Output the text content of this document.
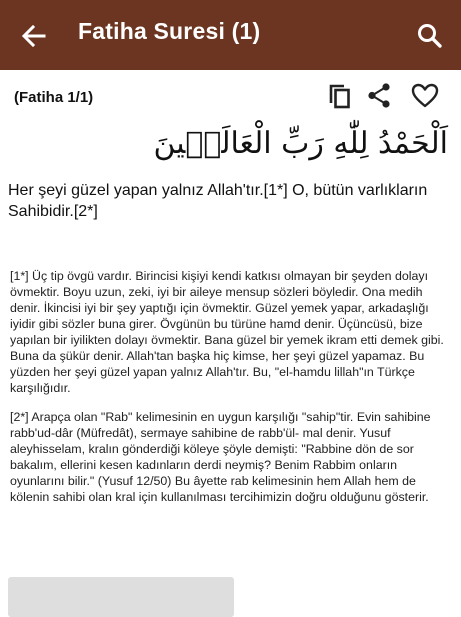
Fatiha Suresi (1)
(Fatiha 1/1)
اَلْحَمْدُ لِلّٰهِ رَبِّ الْعَالَم۪ينَ
Her şeyi güzel yapan yalnız Allah'tır.[1*] O, bütün varlıkların Sahibidir.[2*]

[1*] Üç tip övgü vardır. Birincisi kişiyi kendi katkısı olmayan bir şeyden dolayı övmektir. Boyu uzun, zeki, iyi bir aileye mensup sözleri böyledir. Ona medih denir. İkincisi iyi bir şey yaptığı için övmektir. Güzel yemek yapar, arkadaşlığı iyidir gibi sözler buna girer. Övgünün bu türüne hamd denir. Üçüncüsü, bize yapılan bir iyilikten dolayı övmektir. Bana güzel bir yemek ikram etti demek gibi. Buna da şükür denir. Allah'tan başka hiç kimse, her şeyi güzel yapamaz. Bu yüzden her şeyi güzel yapan yalnız Allah'tır. Bu, "el-hamdu lillah"ın Türkçe karşılığıdır.

[2*] Arapça olan "Rab" kelimesinin en uygun karşılığı "sahip"tir. Evin sahibine rabb'ud-dâr (Müfredât), sermaye sahibine de rabb'ül- mal denir. Yusuf aleyhisselam, kralın gönderdiği köleye şöyle demişti: "Rabbine dön de sor bakalım, ellerini kesen kadınların derdi neymiş? Benim Rabbim onların oyunlarını bilir." (Yusuf 12/50) Bu âyette rab kelimesinin hem Allah hem de kölenin sahibi olan kral için kullanılması tercihimizin doğru olduğunu gösterir.
